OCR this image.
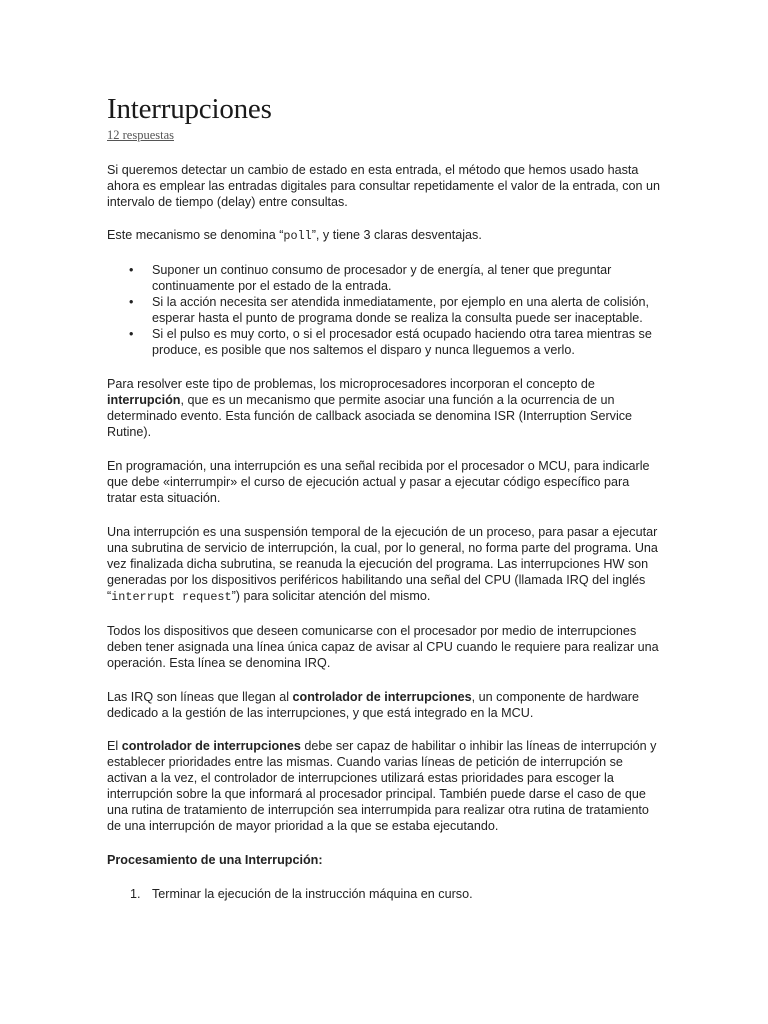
Interrupciones
12 respuestas

Si queremos detectar un cambio de estado en esta entrada, el método que hemos usado hasta ahora es emplear las entradas digitales para consultar repetidamente el valor de la entrada, con un intervalo de tiempo (delay) entre consultas.

Este mecanismo se denomina “poll”, y tiene 3 claras desventajas.

• Suponer un continuo consumo de procesador y de energía, al tener que preguntar continuamente por el estado de la entrada.
• Si la acción necesita ser atendida inmediatamente, por ejemplo en una alerta de colisión, esperar hasta el punto de programa donde se realiza la consulta puede ser inaceptable.
• Si el pulso es muy corto, o si el procesador está ocupado haciendo otra tarea mientras se produce, es posible que nos saltemos el disparo y nunca lleguemos a verlo.

Para resolver este tipo de problemas, los microprocesadores incorporan el concepto de interrupción, que es un mecanismo que permite asociar una función a la ocurrencia de un determinado evento. Esta función de callback asociada se denomina ISR (Interruption Service Rutine).

En programación, una interrupción es una señal recibida por el procesador o MCU, para indicarle que debe «interrumpir» el curso de ejecución actual y pasar a ejecutar código específico para tratar esta situación.

Una interrupción es una suspensión temporal de la ejecución de un proceso, para pasar a ejecutar una subrutina de servicio de interrupción, la cual, por lo general, no forma parte del programa. Una vez finalizada dicha subrutina, se reanuda la ejecución del programa. Las interrupciones HW son generadas por los dispositivos periféricos habilitando una señal del CPU (llamada IRQ del inglés “interrupt request”) para solicitar atención del mismo.

Todos los dispositivos que deseen comunicarse con el procesador por medio de interrupciones deben tener asignada una línea única capaz de avisar al CPU cuando le requiere para realizar una operación. Esta línea se denomina IRQ.

Las IRQ son líneas que llegan al controlador de interrupciones, un componente de hardware dedicado a la gestión de las interrupciones, y que está integrado en la MCU.

El controlador de interrupciones debe ser capaz de habilitar o inhibir las líneas de interrupción y establecer prioridades entre las mismas. Cuando varias líneas de petición de interrupción se activan a la vez, el controlador de interrupciones utilizará estas prioridades para escoger la interrupción sobre la que informará al procesador principal. También puede darse el caso de que una rutina de tratamiento de interrupción sea interrumpida para realizar otra rutina de tratamiento de una interrupción de mayor prioridad a la que se estaba ejecutando.

Procesamiento de una Interrupción:

1. Terminar la ejecución de la instrucción máquina en curso.
